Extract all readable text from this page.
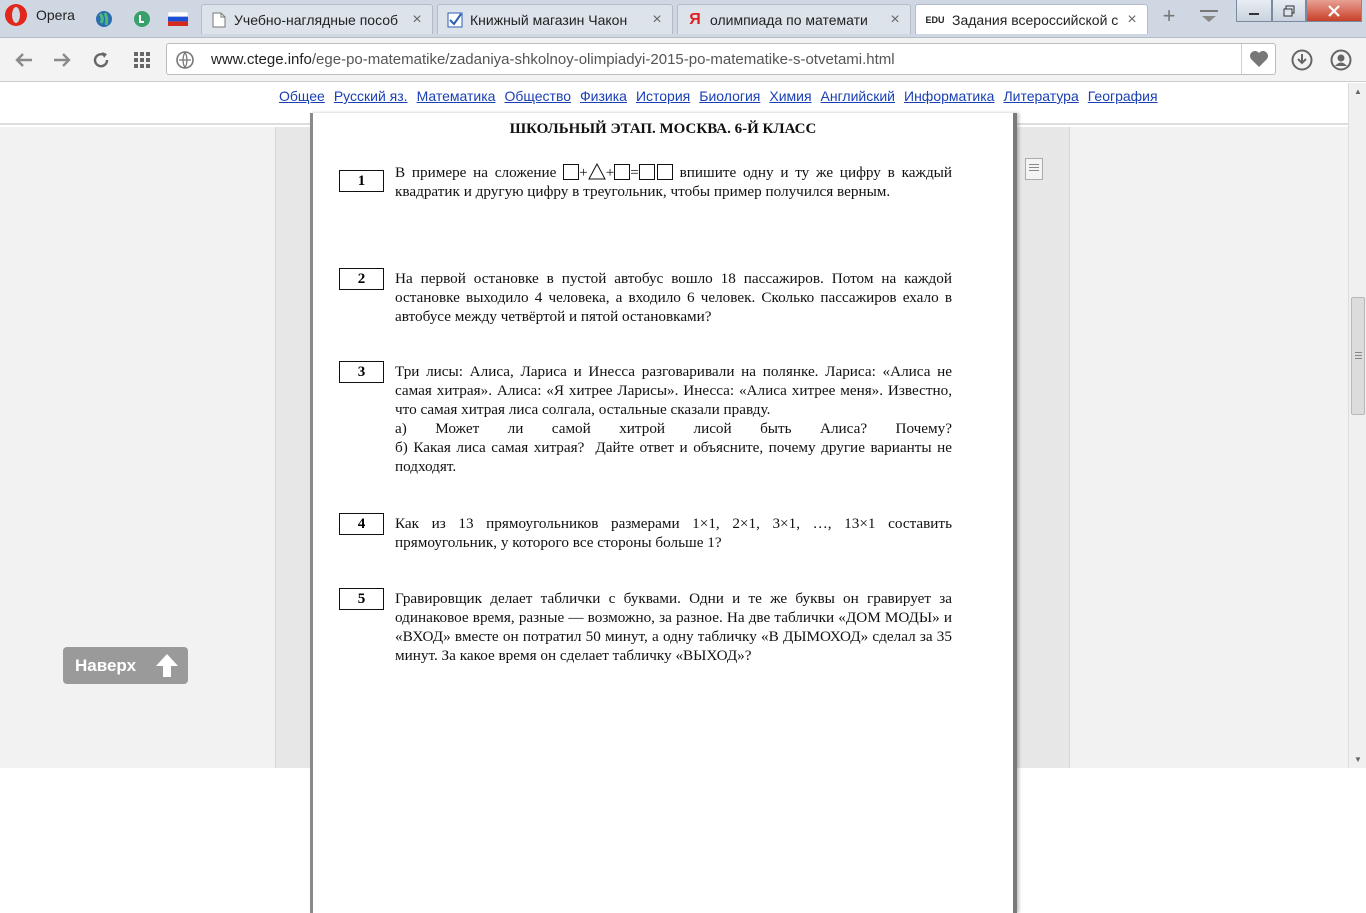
Opera	Учебно-наглядные пособ ×	Книжный магазин Чакон	× Я олимпиада по математи	×	EDU Задания всероссийской с × +
www.ctege.info/ege-po-matematike/zadaniya-shkolnoy-olimpiadyi-2015-po-matematike-s-otvetami.html
Общее Русский яз. Математика Общество Физика История Биология Химия Английский Информатика Литература География
ШКОЛЬНЫЙ ЭТАП. МОСКВА. 6-Й КЛАСС
1	В примере на сложение + + =	впишите одну и ту же цифру в каждый квадратик и другую цифру в треугольник, чтобы пример получился верным.
2	На первой остановке в пустой автобус вошло 18 пассажиров. Потом на каждой остановке выходило 4 человека, а входило 6 человек. Сколько пассажиров ехало в автобусе между четвёртой и пятой остановками?
3	Три лисы: Алиса, Лариса и Инесса разговаривали на полянке. Лариса: «Алиса не самая хитрая». Алиса: «Я хитрее Ларисы». Инесса: «Алиса хитрее меня». Известно, что самая хитрая лиса солгала, остальные сказали правду.
а) Может ли самой хитрой лисой быть Алиса? Почему?
б) Какая лиса самая хитрая?  Дайте ответ и объясните, почему другие варианты не подходят.
4	Как из 13 прямоугольников размерами 1×1, 2×1, 3×1, …, 13×1 составить прямоугольник, у которого все стороны больше 1?
5	Гравировщик делает таблички с буквами. Одни и те же буквы он гравирует за одинаковое время, разные — возможно, за разное. На две таблички «ДОМ МОДЫ» и «ВХОД» вместе он потратил 50 минут, а одну табличку «В ДЫМОХОД» сделал за 35 минут. За какое время он сделает табличку «ВЫХОД»?
Наверх
▲
▼
